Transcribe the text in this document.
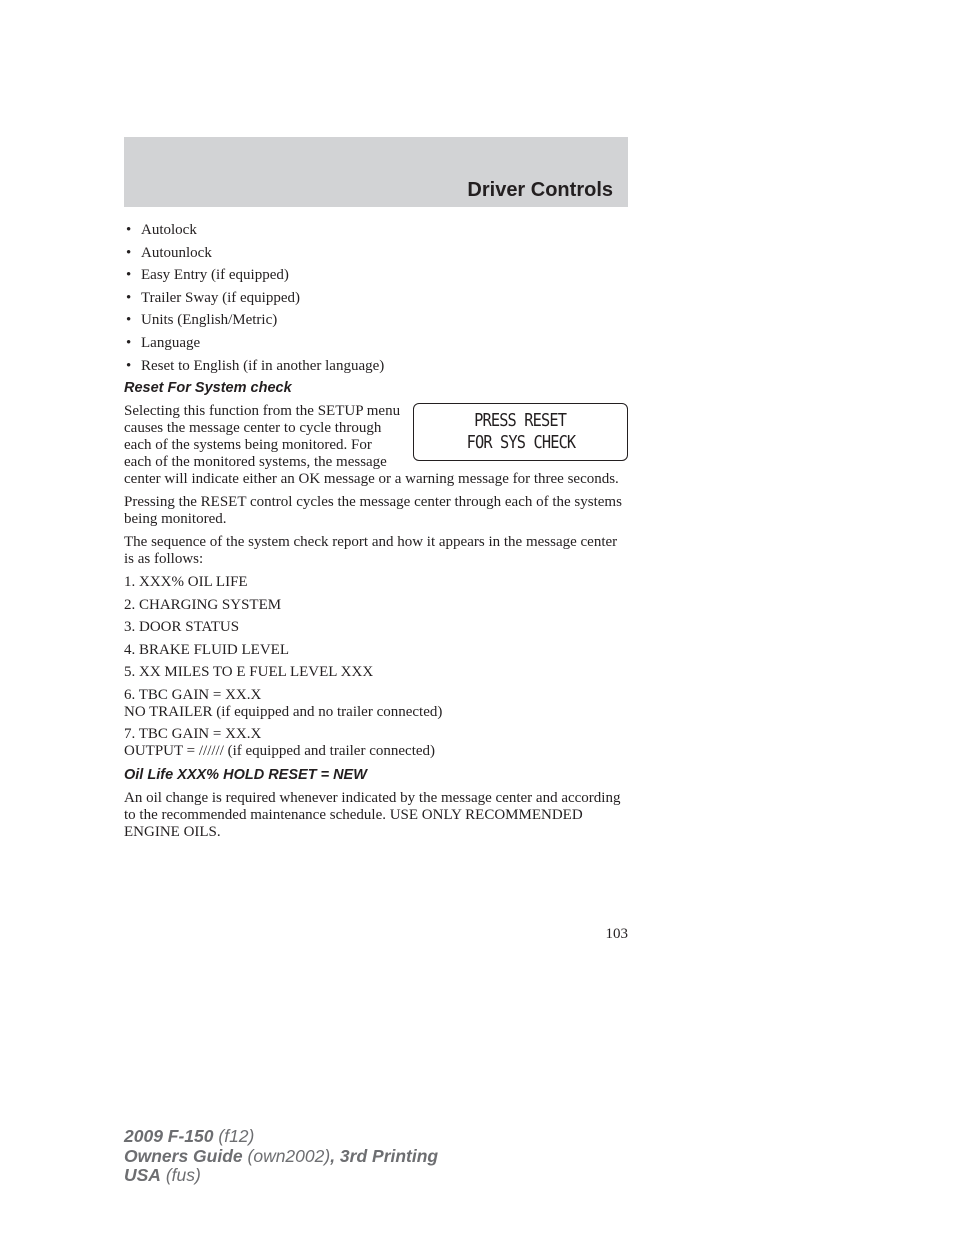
Driver Controls
• Autolock
• Autounlock
• Easy Entry (if equipped)
• Trailer Sway (if equipped)
• Units (English/Metric)
• Language
• Reset to English (if in another language)
Reset For System check
PRESS RESET
FOR SYS CHECK

Selecting this function from the SETUP menu causes the message center to cycle through each of the systems being monitored. For each of the monitored systems, the message center will indicate either an OK message or a warning message for three seconds.

Pressing the RESET control cycles the message center through each of the systems being monitored.

The sequence of the system check report and how it appears in the message center is as follows:

1. XXX% OIL LIFE
2. CHARGING SYSTEM
3. DOOR STATUS
4. BRAKE FLUID LEVEL
5. XX MILES TO E FUEL LEVEL XXX
6. TBC GAIN = XX.X
NO TRAILER (if equipped and no trailer connected)
7. TBC GAIN = XX.X
OUTPUT = ////// (if equipped and trailer connected)
Oil Life XXX% HOLD RESET = NEW

An oil change is required whenever indicated by the message center and according to the recommended maintenance schedule. USE ONLY RECOMMENDED ENGINE OILS.

103
2009 F-150 (f12)
Owners Guide (own2002), 3rd Printing
USA (fus)
